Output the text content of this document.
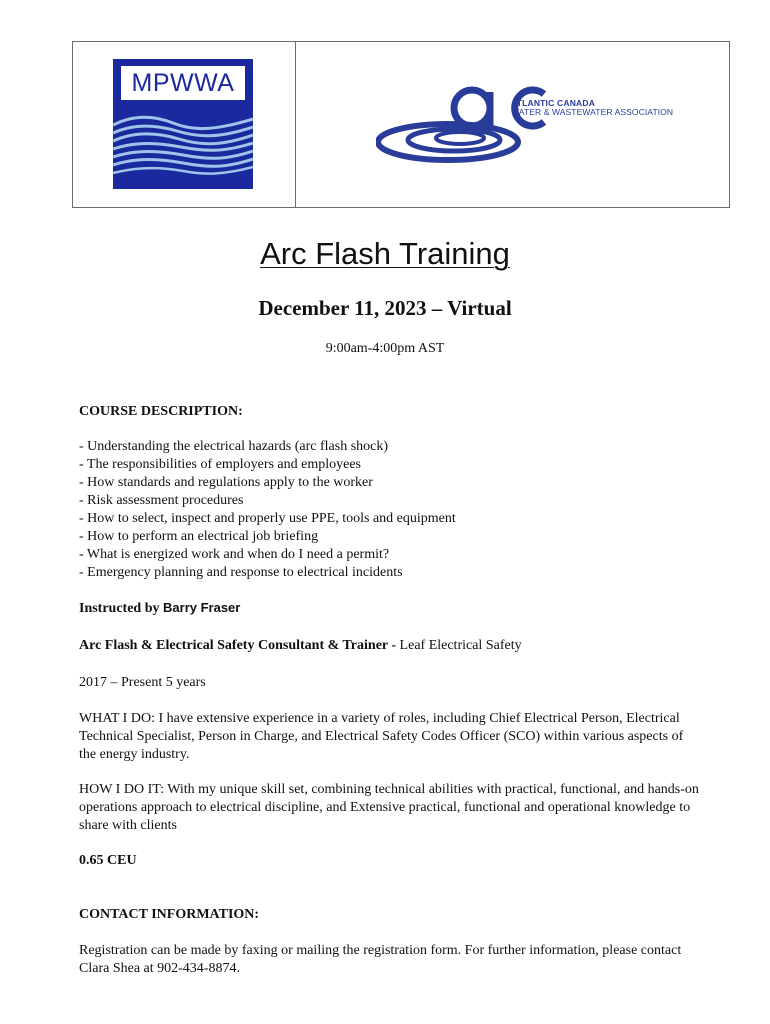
MPWWA
ATLANTIC CANADA
WATER & WASTEWATER ASSOCIATION
Arc Flash Training
December 11, 2023 – Virtual
9:00am-4:00pm AST
COURSE DESCRIPTION:
- Understanding the electrical hazards (arc flash shock)
- The responsibilities of employers and employees
- How standards and regulations apply to the worker
- Risk assessment procedures
- How to select, inspect and properly use PPE, tools and equipment
- How to perform an electrical job briefing
- What is energized work and when do I need a permit?
- Emergency planning and response to electrical incidents
Instructed by Barry Fraser
Arc Flash & Electrical Safety Consultant & Trainer - Leaf Electrical Safety
2017 – Present 5 years
WHAT I DO: I have extensive experience in a variety of roles, including Chief Electrical Person, Electrical Technical Specialist, Person in Charge, and Electrical Safety Codes Officer (SCO) within various aspects of the energy industry.
HOW I DO IT: With my unique skill set, combining technical abilities with practical, functional, and hands-on operations approach to electrical discipline, and Extensive practical, functional and operational knowledge to share with clients
0.65 CEU
CONTACT INFORMATION:
Registration can be made by faxing or mailing the registration form. For further information, please contact Clara Shea at 902-434-8874.
